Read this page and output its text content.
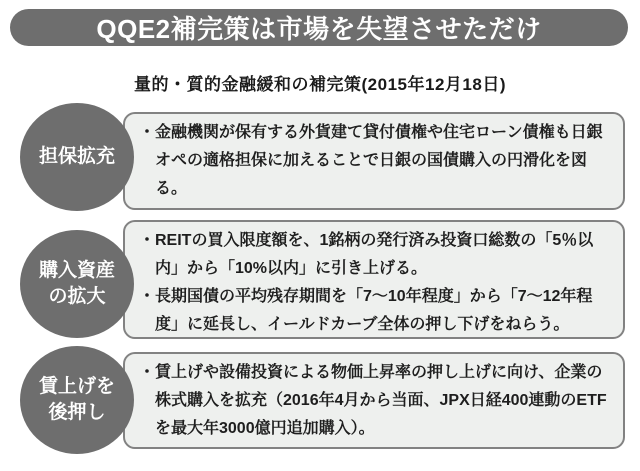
QQE2補完策は市場を失望させただけ
量的・質的金融緩和の補完策(2015年12月18日)
担保拡充
・金融機関が保有する外貨建て貸付債権や住宅ローン債権も日銀オペの適格担保に加えることで日銀の国債購入の円滑化を図る。
購入資産
の拡大
・REITの買入限度額を、1銘柄の発行済み投資口総数の「5％以内」から「10%以内」に引き上げる。
・長期国債の平均残存期間を「7～10年程度」から「7～12年程度」に延長し、イールドカーブ全体の押し下げをねらう。
賃上げを
後押し
・賃上げや設備投資による物価上昇率の押し上げに向け、企業の株式購入を拡充（2016年4月から当面、JPX日経400連動のETFを最大年3000億円追加購入）。
